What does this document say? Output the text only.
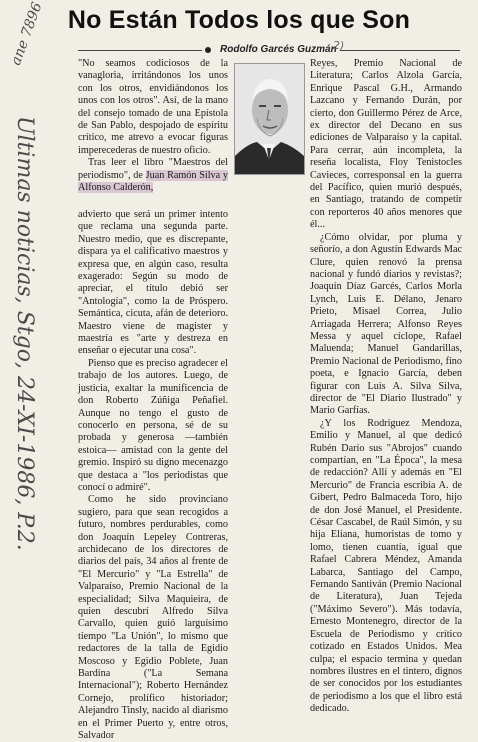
No Están Todos los que Son
Rodolfo Garcés Guzmán
2)
ane 7896
Ultimas noticias, Stgo, 24-XI-1986, P.2.

"No seamos codiciosos de la vanagloria, irritándonos los unos con los otros, envidiándonos los unos con los otros". Así, de la mano del consejo tomado de una Epístola de San Pablo, despojado de espíritu crítico, me atrevo a evocar figuras imperecederas de nuestro oficio.

Tras leer el libro "Maestros del periodismo", de Juan Ramón Silva y Alfonso Calderón,

advierto que será un primer intento que reclama una segunda parte. Nuestro medio, que es discrepante, dispara ya el calificativo maestros y expresa que, en algún caso, resulta exagerado: Según su modo de apreciar, el título debió ser "Antología", como la de Próspero. Semántica, cicuta, afán de deterioro. Maestro viene de magister y maestría es "arte y destreza en enseñar o ejecutar una cosa".

Pienso que es preciso agradecer el trabajo de los autores. Luego, de justicia, exaltar la munificencia de don Roberto Zúñiga Peñafiel. Aunque no tengo el gusto de conocerlo en persona, sé de su probada y generosa —también estoica— amistad con la gente del gremio. Inspiró su digno mecenazgo que destaca a "los periodistas que conocí o admiré".

Como he sido provinciano sugiero, para que sean recogidos a futuro, nombres perdurables, como don Joaquín Lepeley Contreras, archidecano de los directores de diarios del país, 34 años al frente de "El Mercurio" y "La Estrella" de Valparaíso, Premio Nacional de la especialidad; Silva Maquieira, de quien descubrí Alfredo Silva Carvallo, quien guió larguísimo tiempo "La Unión", lo mismo que redactores de la talla de Egidio Moscoso y Egidio Poblete, Juan Bardina ("La Semana Internacional"); Roberto Hernández Cornejo, prolífico historiador; Alejandro Tinsly, nacido al diarismo en el Primer Puerto y, entre otros, Salvador

Reyes, Premio Nacional de Literatura; Carlos Alzola García, Enrique Pascal G.H., Armando Lazcano y Fernando Durán, por cierto, don Guillermo Pérez de Arce, ex director del Decano en sus ediciones de Valparaíso y la capital. Para cerrar, aún incompleta, la reseña localista, Floy Tenistocles Cavieces, corresponsal en la guerra del Pacífico, quien murió después, en Santiago, tratando de competir con reporteros 40 años menores que él...

¿Cómo olvidar, por pluma y señorío, a don Agustín Edwards Mac Clure, quien renovó la prensa nacional y fundó diarios y revistas?; Joaquín Díaz Garcés, Carlos Morla Lynch, Luis E. Délano, Jenaro Prieto, Misael Correa, Julio Arriagada Herrera; Alfonso Reyes Messa y aquel cíclope, Rafael Maluenda; Manuel Gandarillas, Premio Nacional de Periodismo, fino poeta, e Ignacio García, deben figurar con Luis A. Silva Silva, director de "El Diario Ilustrado" y Mario Garfías.

¿Y los Rodríguez Mendoza, Emilio y Manuel, al que dedicó Rubén Darío sus "Abrojos" cuando compartían, en "La Época", la mesa de redacción? Allí y además en "El Mercurio" de Francia escribía A. de Gibert, Pedro Balmaceda Toro, hijo de don José Manuel, el Presidente. César Cascabel, de Raúl Simón, y su hija Eliana, humoristas de tomo y lomo, tienen cuantía, igual que Rafael Cabrera Méndez, Amanda Labarca, Santiago del Campo, Fernando Santiván (Premio Nacional de Literatura), Juan Tejeda ("Máximo Severo"). Más todavía, Ernesto Montenegro, director de la Escuela de Periodismo y crítico cotizado en Estados Unidos. Mea culpa; el espacio termina y quedan nombres ilustres en el tintero, dignos de ser conocidos por los estudiantes de periodismo a los que el libro está dedicado.
